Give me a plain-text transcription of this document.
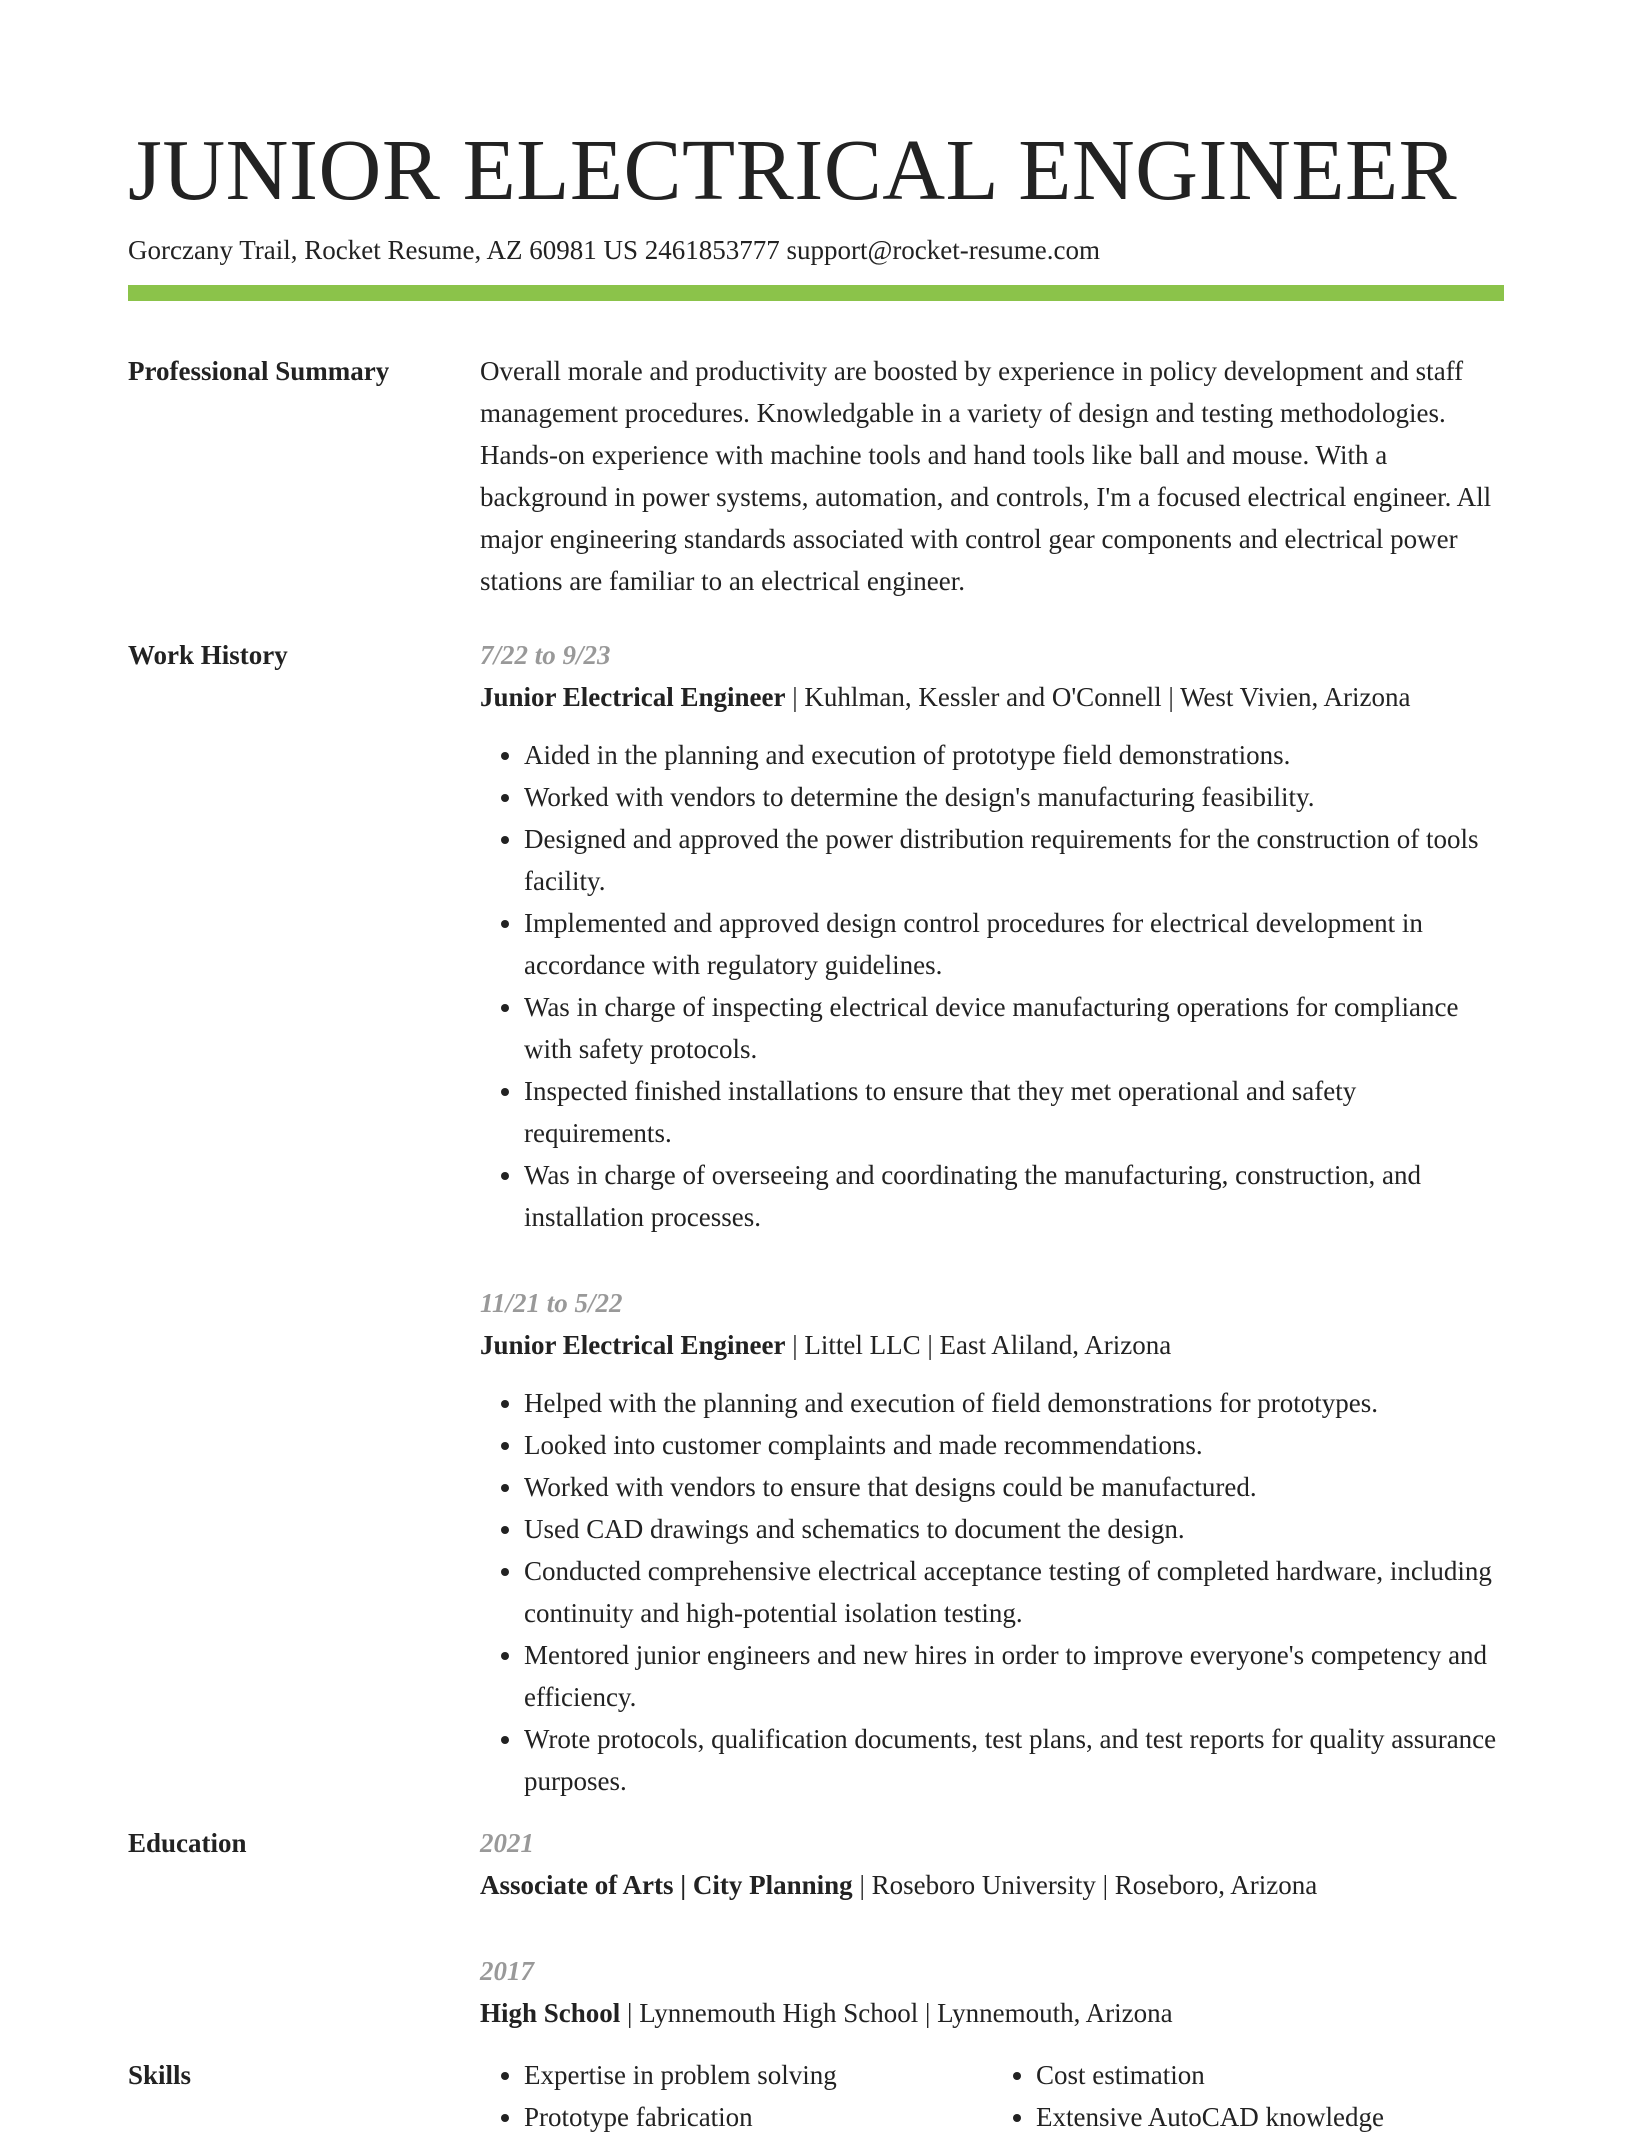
JUNIOR ELECTRICAL ENGINEER
Gorczany Trail, Rocket Resume, AZ 60981 US 2461853777 support@rocket-resume.com
Professional Summary	Overall morale and productivity are boosted by experience in policy development and staff management procedures. Knowledgable in a variety of design and testing methodologies. Hands-on experience with machine tools and hand tools like ball and mouse. With a background in power systems, automation, and controls, I'm a focused electrical engineer. All major engineering standards associated with control gear components and electrical power stations are familiar to an electrical engineer.

Work History	7/22 to 9/23
Junior Electrical Engineer | Kuhlman, Kessler and O'Connell | West Vivien, Arizona
• Aided in the planning and execution of prototype field demonstrations.
• Worked with vendors to determine the design's manufacturing feasibility.
• Designed and approved the power distribution requirements for the construction of tools facility.
• Implemented and approved design control procedures for electrical development in accordance with regulatory guidelines.
• Was in charge of inspecting electrical device manufacturing operations for compliance with safety protocols.
• Inspected finished installations to ensure that they met operational and safety requirements.
• Was in charge of overseeing and coordinating the manufacturing, construction, and installation processes.
11/21 to 5/22
Junior Electrical Engineer | Littel LLC | East Aliland, Arizona
• Helped with the planning and execution of field demonstrations for prototypes.
• Looked into customer complaints and made recommendations.
• Worked with vendors to ensure that designs could be manufactured.
• Used CAD drawings and schematics to document the design.
• Conducted comprehensive electrical acceptance testing of completed hardware, including continuity and high-potential isolation testing.
• Mentored junior engineers and new hires in order to improve everyone's competency and efficiency.
• Wrote protocols, qualification documents, test plans, and test reports for quality assurance purposes.
Education	2021
Associate of Arts | City Planning | Roseboro University | Roseboro, Arizona
2017
High School | Lynnemouth High School | Lynnemouth, Arizona
Skills
•	Expertise in problem solving
• Prototype fabrication
• Cost estimation
• Extensive AutoCAD knowledge
